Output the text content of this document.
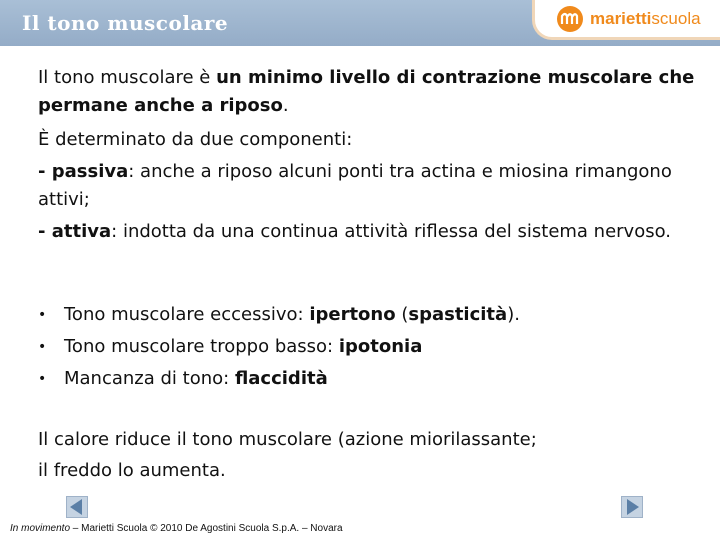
Il tono muscolare	mariettiscuola

Il tono muscolare è un minimo livello di contrazione muscolare che permane anche a riposo.

È determinato da due componenti:

- passiva: anche a riposo alcuni ponti tra actina e miosina rimangono attivi;

- attiva: indotta da una continua attività riflessa del sistema nervoso.

• Tono muscolare eccessivo: ipertono (spasticità).
• Tono muscolare troppo basso: ipotonia
• Mancanza di tono: flaccidità
Il calore riduce il tono muscolare (azione miorilassante;
il freddo lo aumenta.
In movimento – Marietti Scuola © 2010 De Agostini Scuola S.p.A. – Novara
